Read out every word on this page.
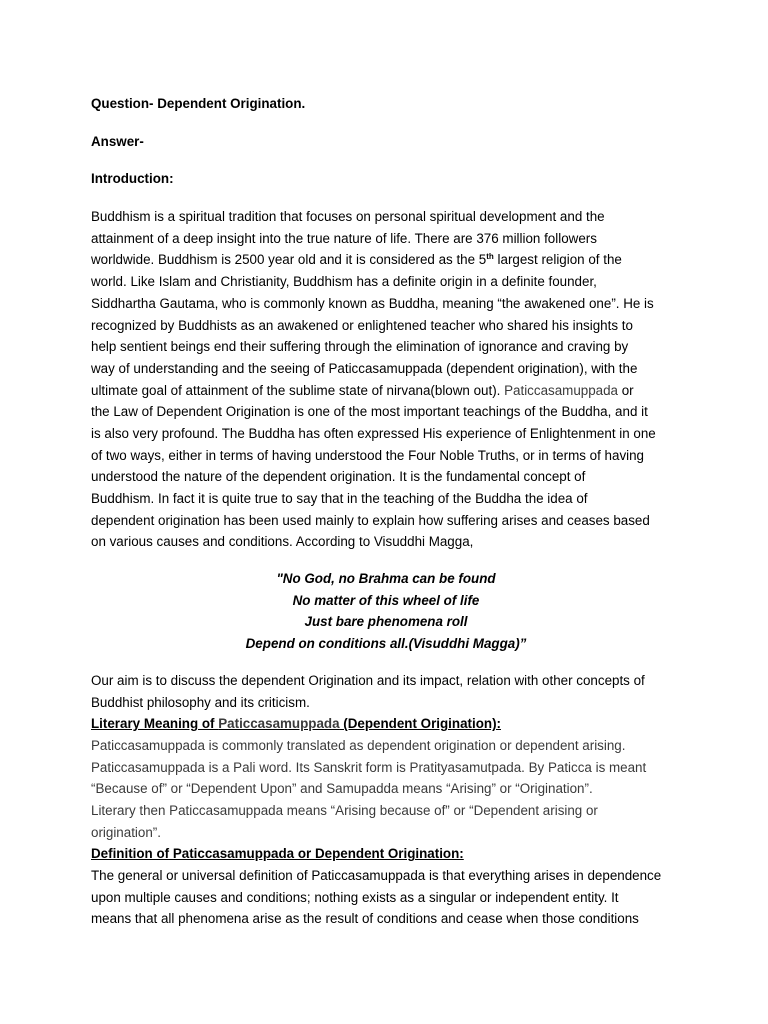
Question- Dependent Origination.
Answer-
Introduction:
Buddhism is a spiritual tradition that focuses on personal spiritual development and the
attainment of a deep insight into the true nature of life. There are 376 million followers
worldwide. Buddhism is 2500 year old and it is considered as the 5th largest religion of the
world. Like Islam and Christianity, Buddhism has a definite origin in a definite founder,
Siddhartha Gautama, who is commonly known as Buddha, meaning “the awakened one”. He is
recognized by Buddhists as an awakened or enlightened teacher who shared his insights to
help sentient beings end their suffering through the elimination of ignorance and craving by
way of understanding and the seeing of Paticcasamuppada (dependent origination), with the
ultimate goal of attainment of the sublime state of nirvana(blown out). Paticcasamuppada or
the Law of Dependent Origination is one of the most important teachings of the Buddha, and it
is also very profound. The Buddha has often expressed His experience of Enlightenment in one
of two ways, either in terms of having understood the Four Noble Truths, or in terms of having
understood the nature of the dependent origination. It is the fundamental concept of
Buddhism. In fact it is quite true to say that in the teaching of the Buddha the idea of
dependent origination has been used mainly to explain how suffering arises and ceases based
on various causes and conditions. According to Visuddhi Magga,
"No God, no Brahma can be found
No matter of this wheel of life
Just bare phenomena roll
Depend on conditions all.(Visuddhi Magga)”
Our aim is to discuss the dependent Origination and its impact, relation with other concepts of
Buddhist philosophy and its criticism.
Literary Meaning of Paticcasamuppada (Dependent Origination):
Paticcasamuppada is commonly translated as dependent origination or dependent arising.
Paticcasamuppada is a Pali word. Its Sanskrit form is Pratityasamutpada. By Paticca is meant
“Because of” or “Dependent Upon” and Samupadda means “Arising” or “Origination”.
Literary then Paticcasamuppada means “Arising because of” or “Dependent arising or
origination”.
Definition of Paticcasamuppada or Dependent Origination:
The general or universal definition of Paticcasamuppada is that everything arises in dependence
upon multiple causes and conditions; nothing exists as a singular or independent entity. It
means that all phenomena arise as the result of conditions and cease when those conditions
